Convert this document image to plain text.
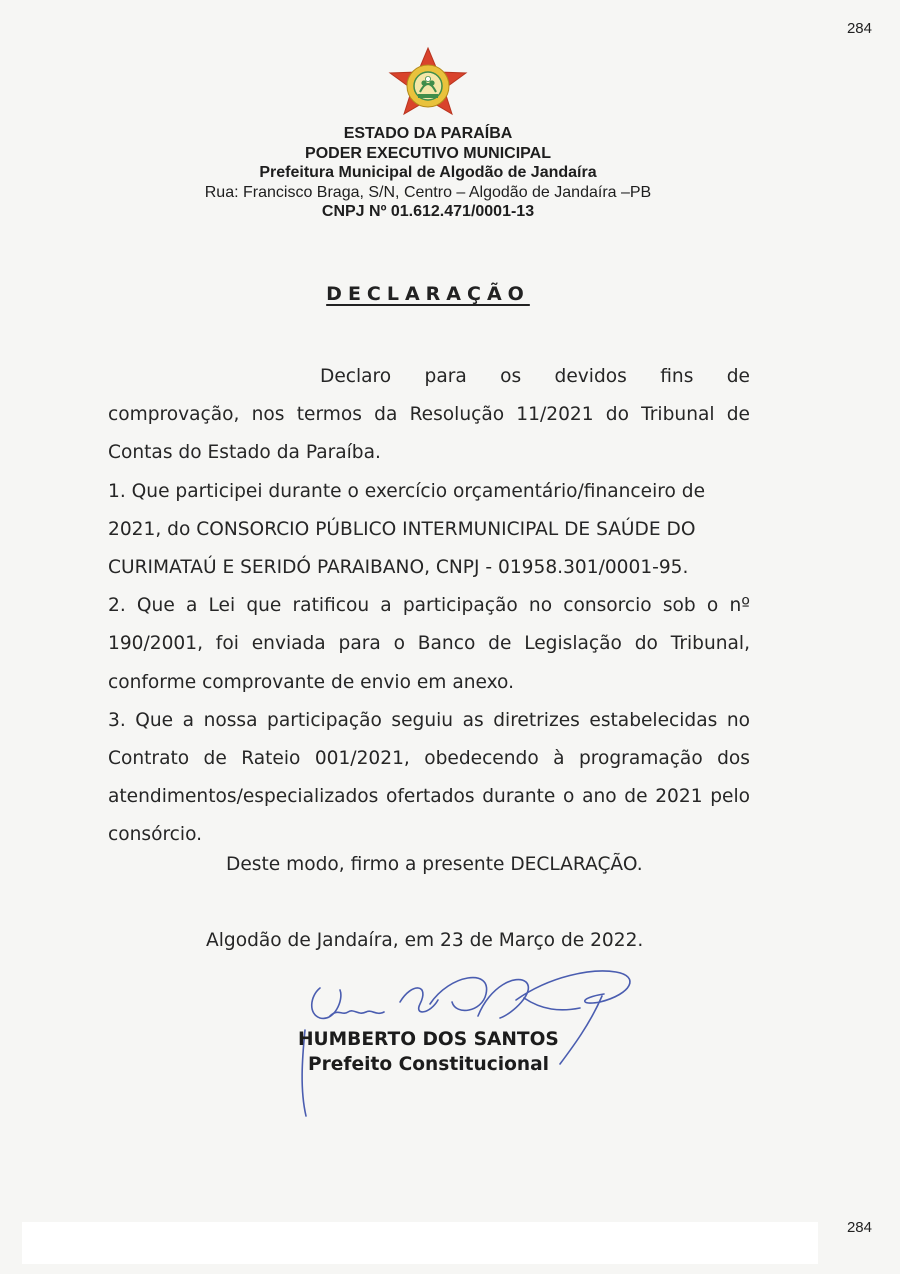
284
ESTADO DA PARAÍBA
PODER EXECUTIVO MUNICIPAL
Prefeitura Municipal de Algodão de Jandaíra
Rua: Francisco Braga, S/N, Centro – Algodão de Jandaíra –PB
CNPJ Nº 01.612.471/0001-13
DECLARAÇÃO

Declaro para os devidos fins de comprovação, nos termos da Resolução 11/2021 do Tribunal de Contas do Estado da Paraíba.

1. Que participei durante o exercício orçamentário/financeiro de 2021, do CONSORCIO PÚBLICO INTERMUNICIPAL DE SAÚDE DO CURIMATAÚ E SERIDÓ PARAIBANO, CNPJ - 01958.301/0001-95.

2. Que a Lei que ratificou a participação no consorcio sob o nº 190/2001, foi enviada para o Banco de Legislação do Tribunal, conforme comprovante de envio em anexo.

3. Que a nossa participação seguiu as diretrizes estabelecidas no Contrato de Rateio 001/2021, obedecendo à programação dos atendimentos/especializados ofertados durante o ano de 2021 pelo consórcio.

Deste modo, firmo a presente DECLARAÇÃO.
Algodão de Jandaíra, em 23 de Março de 2022.
HUMBERTO DOS SANTOS
Prefeito Constitucional
284
